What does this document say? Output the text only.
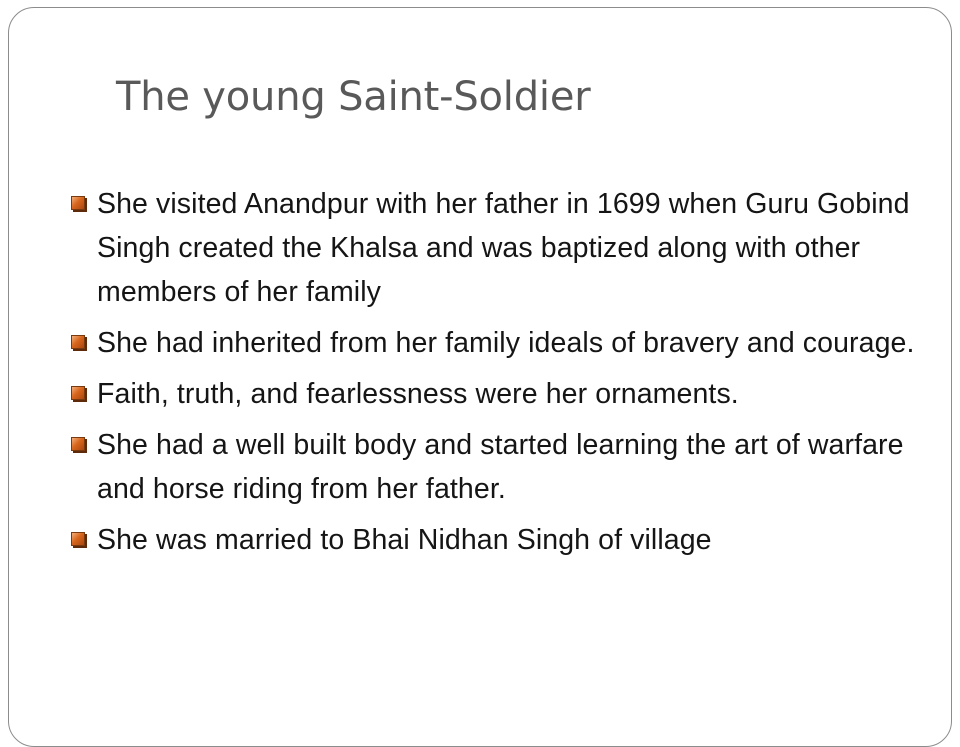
The young Saint-Soldier
She visited Anandpur with her father in 1699 when Guru Gobind Singh created the Khalsa and was baptized along with other members of her family
She had inherited from her family ideals of bravery and courage.
Faith, truth, and fearlessness were her ornaments.
She had a well built body and started learning the art of warfare and horse riding from her father.
She was married to Bhai Nidhan Singh of village
